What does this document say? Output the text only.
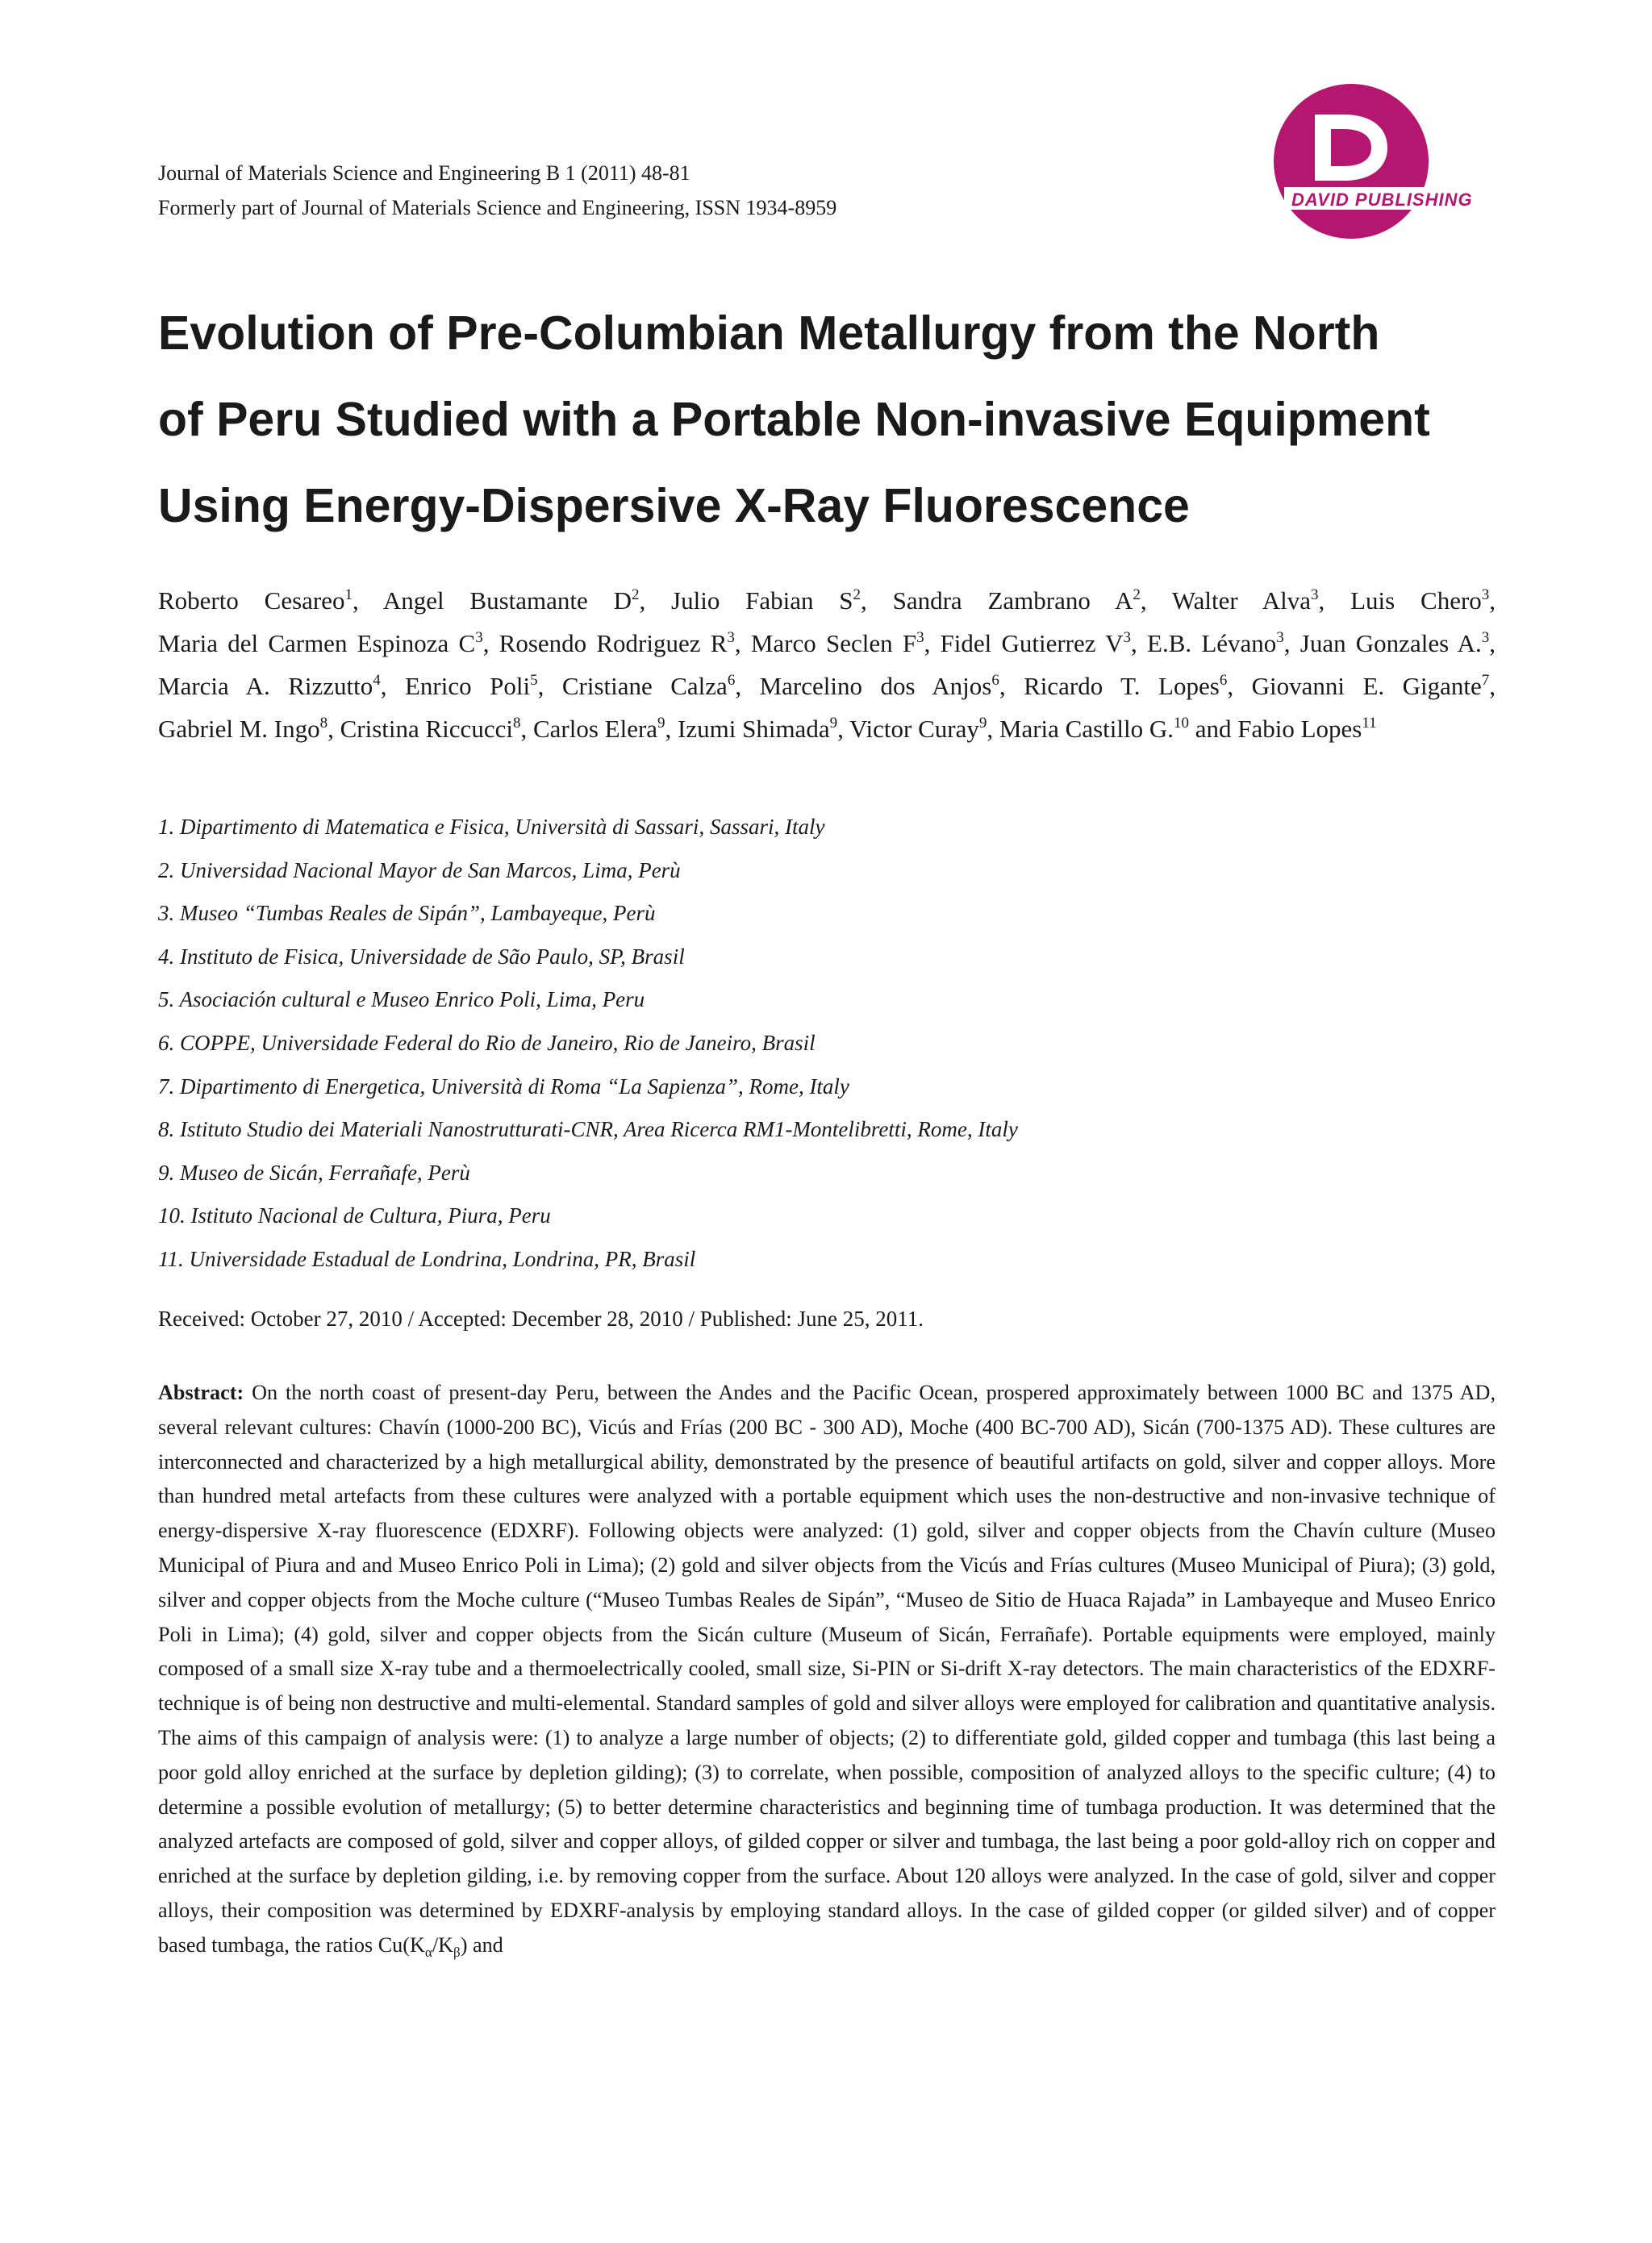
Journal of Materials Science and Engineering B 1 (2011) 48-81
Formerly part of Journal of Materials Science and Engineering, ISSN 1934-8959	DAVID PUBLISHING
Evolution of Pre-Columbian Metallurgy from the North
of Peru Studied with a Portable Non-invasive Equipment
Using Energy-Dispersive X-Ray Fluorescence
Roberto Cesareo$^1$, Angel Bustamante $D^2$, Julio Fabian $S^2$, Sandra Zambrano $A^2$, Walter Alva$^3$, Luis Chero$^3$, Maria del Carmen Espinoza $C^3$, Rosendo Rodriguez $R^3$, Marco Seclen $F^3$, Fidel Gutierrez $V^3$, E.B. Lévano$^3$, Juan Gonzales A.$^3$, Marcia A. Rizzutto$^4$, Enrico Poli$^5$, Cristiane Calza$^6$, Marcelino dos Anjos$^6$, Ricardo T. Lopes$^6$, Giovanni E. Gigante$^7$, Gabriel M. Ingo$^8$, Cristina Riccucci$^8$, Carlos Elera$^9$, Izumi Shimada$^9$, Victor Curay$^9$, Maria Castillo G.$^{10}$ and Fabio Lopes$^{11}$
1. Dipartimento di Matematica e Fisica, Università di Sassari, Sassari, Italy
2. Universidad Nacional Mayor de San Marcos, Lima, Perù
3. Museo “Tumbas Reales de Sipán”, Lambayeque, Perù
4. Instituto de Fisica, Universidade de São Paulo, SP, Brasil
5. Asociación cultural e Museo Enrico Poli, Lima, Peru
6. COPPE, Universidade Federal do Rio de Janeiro, Rio de Janeiro, Brasil
7. Dipartimento di Energetica, Università di Roma “La Sapienza”, Rome, Italy
8. Istituto Studio dei Materiali Nanostrutturati-CNR, Area Ricerca RM1-Montelibretti, Rome, Italy
9. Museo de Sicán, Ferrañafe, Perù
10. Istituto Nacional de Cultura, Piura, Peru
11. Universidade Estadual de Londrina, Londrina, PR, Brasil
Received: October 27, 2010 / Accepted: December 28, 2010 / Published: June 25, 2011.
Abstract: On the north coast of present-day Peru, between the Andes and the Pacific Ocean, prospered approximately between 1000 BC and 1375 AD, several relevant cultures: Chavín (1000-200 BC), Vicús and Frías (200 BC - 300 AD), Moche (400 BC-700 AD), Sicán (700-1375 AD). These cultures are interconnected and characterized by a high metallurgical ability, demonstrated by the presence of beautiful artifacts on gold, silver and copper alloys. More than hundred metal artefacts from these cultures were analyzed with a portable equipment which uses the non-destructive and non-invasive technique of energy-dispersive X-ray fluorescence (EDXRF). Following objects were analyzed: (1) gold, silver and copper objects from the Chavín culture (Museo Municipal of Piura and and Museo Enrico Poli in Lima); (2) gold and silver objects from the Vicús and Frías cultures (Museo Municipal of Piura); (3) gold, silver and copper objects from the Moche culture (“Museo Tumbas Reales de Sipán”, “Museo de Sitio de Huaca Rajada” in Lambayeque and Museo Enrico Poli in Lima); (4) gold, silver and copper objects from the Sicán culture (Museum of Sicán, Ferrañafe). Portable equipments were employed, mainly composed of a small size X-ray tube and a thermoelectrically cooled, small size, Si-PIN or Si-drift X-ray detectors. The main characteristics of the EDXRF-technique is of being non destructive and multi-elemental. Standard samples of gold and silver alloys were employed for calibration and quantitative analysis. The aims of this campaign of analysis were: (1) to analyze a large number of objects; (2) to differentiate gold, gilded copper and tumbaga (this last being a poor gold alloy enriched at the surface by depletion gilding); (3) to correlate, when possible, composition of analyzed alloys to the specific culture; (4) to determine a possible evolution of metallurgy; (5) to better determine characteristics and beginning time of tumbaga production. It was determined that the analyzed artefacts are composed of gold, silver and copper alloys, of gilded copper or silver and tumbaga, the last being a poor gold-alloy rich on copper and enriched at the surface by depletion gilding, i.e. by removing copper from the surface. About 120 alloys were analyzed. In the case of gold, silver and copper alloys, their composition was determined by EDXRF-analysis by employing standard alloys. In the case of gilded copper (or gilded silver) and of copper based tumbaga, the ratios $Cu(K_\alpha/K_\beta)$ and
